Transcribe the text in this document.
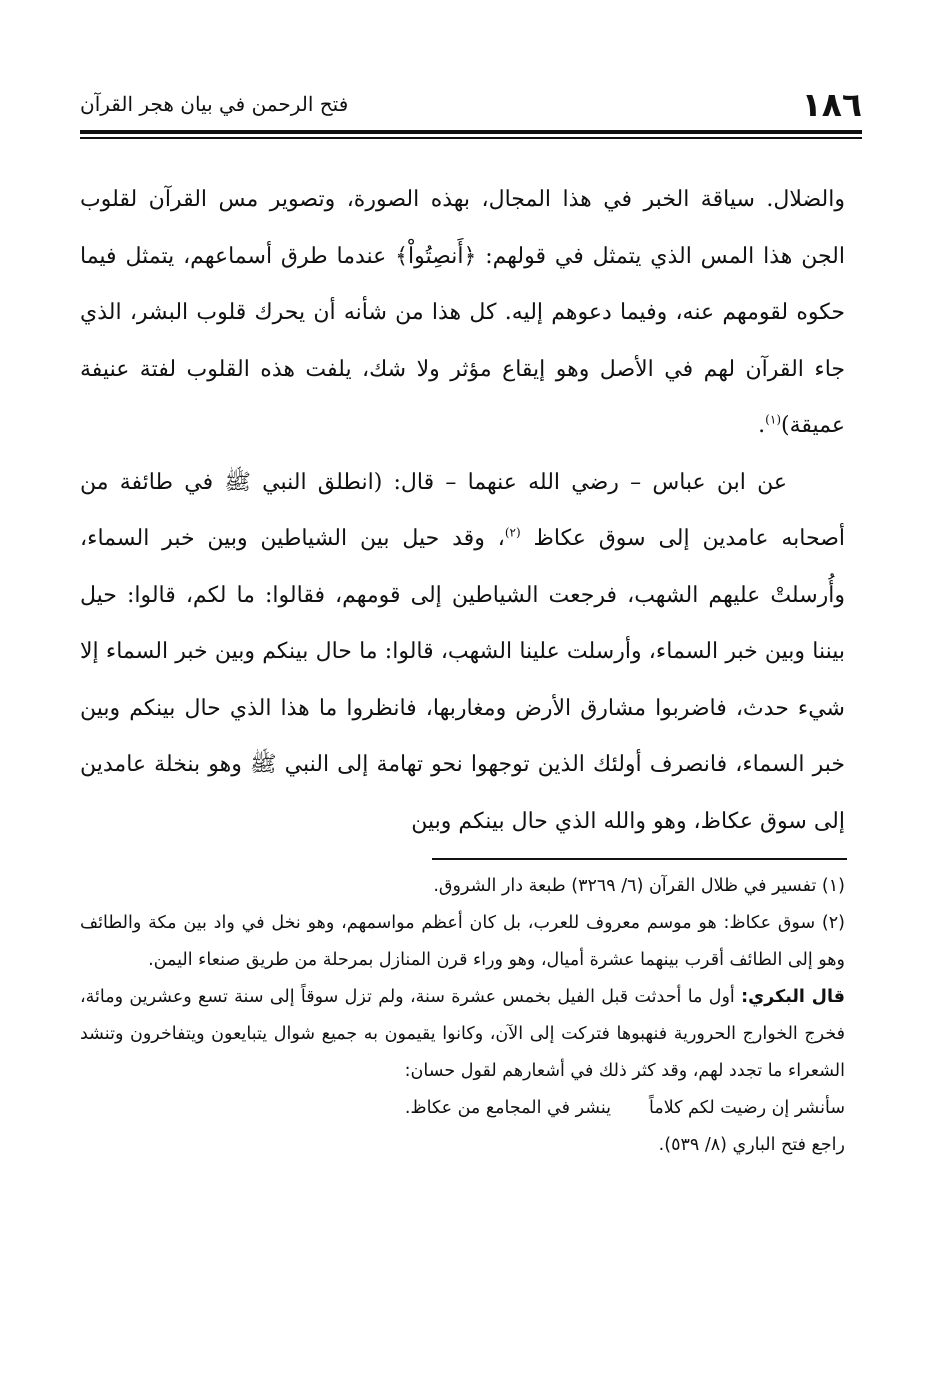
١٨٦
فتح الرحمن في بيان هجر القرآن

والضلال. سياقة الخبر في هذا المجال، بهذه الصورة، وتصوير مس القرآن لقلوب الجن هذا المس الذي يتمثل في قولهم: ﴿أَنصِتُواْ﴾ عندما طرق أسماعهم، يتمثل فيما حكوه لقومهم عنه، وفيما دعوهم إليه. كل هذا من شأنه أن يحرك قلوب البشر، الذي جاء القرآن لهم في الأصل وهو إيقاع مؤثر ولا شك، يلفت هذه القلوب لفتة عنيفة عميقة)$^{(١)}$.

عن ابن عباس – رضي الله عنهما – قال: (انطلق النبي ﷺ في طائفة من أصحابه عامدين إلى سوق عكاظ $^{(٢)}$، وقد حيل بين الشياطين وبين خبر السماء، وأُرسلتْ عليهم الشهب، فرجعت الشياطين إلى قومهم، فقالوا: ما لكم، قالوا: حيل بيننا وبين خبر السماء، وأرسلت علينا الشهب، قالوا: ما حال بينكم وبين خبر السماء إلا شيء حدث، فاضربوا مشارق الأرض ومغاربها، فانظروا ما هذا الذي حال بينكم وبين خبر السماء، فانصرف أولئك الذين توجهوا نحو تهامة إلى النبي ﷺ وهو بنخلة عامدين إلى سوق عكاظ، وهو والله الذي حال بينكم وبين

(١) تفسير في ظلال القرآن (٦/ ٣٢٦٩) طبعة دار الشروق.

(٢) سوق عكاظ: هو موسم معروف للعرب، بل كان أعظم مواسمهم، وهو نخل في واد بين مكة والطائف وهو إلى الطائف أقرب بينهما عشرة أميال، وهو وراء قرن المنازل بمرحلة من طريق صنعاء اليمن.

قال البكري: أول ما أحدثت قبل الفيل بخمس عشرة سنة، ولم تزل سوقاً إلى سنة تسع وعشرين ومائة، فخرج الخوارج الحرورية فنهبوها فتركت إلى الآن، وكانوا يقيمون به جميع شوال يتبايعون ويتفاخرون وتنشد الشعراء ما تجدد لهم، وقد كثر ذلك في أشعارهم لقول حسان:

سأنشر إن رضيت لكم كلاماً
ينشر في المجامع من عكاظ.

راجع فتح الباري (٨/ ٥٣٩).
